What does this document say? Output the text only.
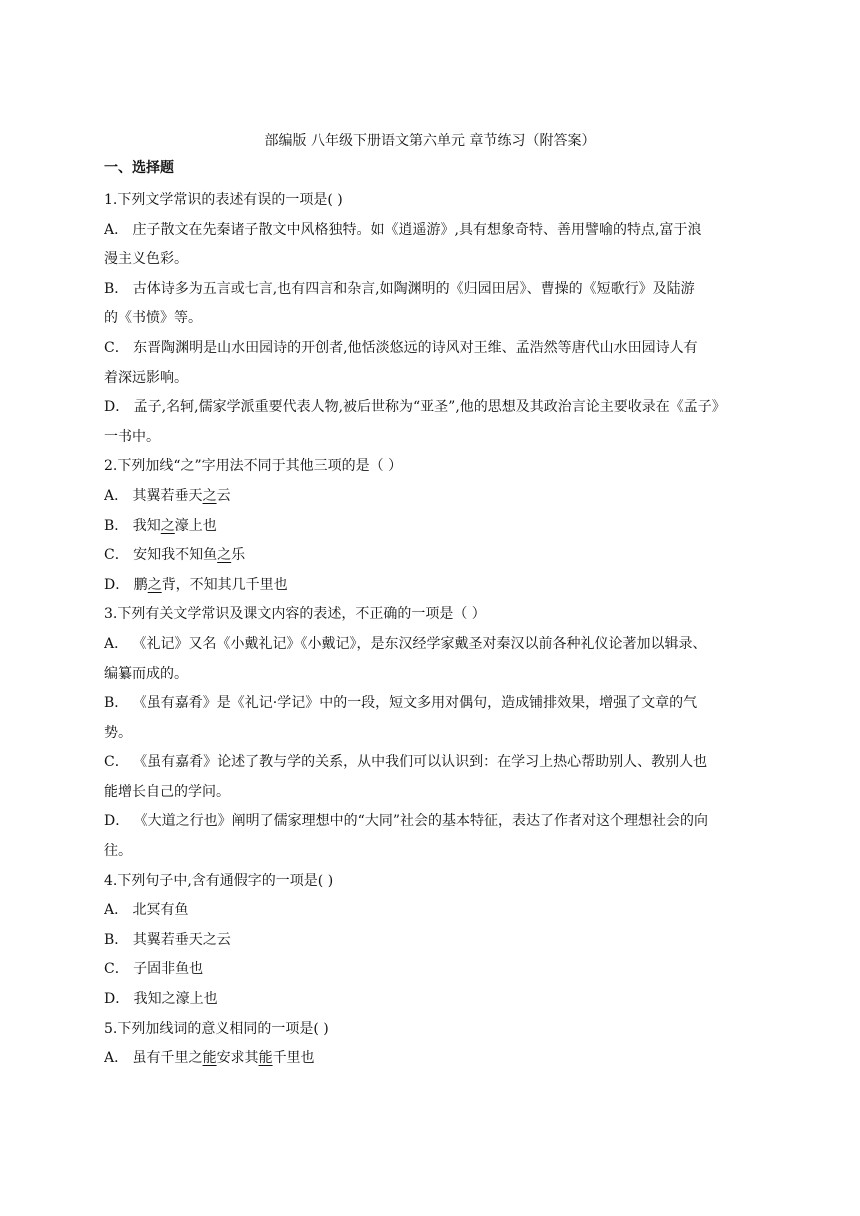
部编版 八年级下册语文第六单元 章节练习（附答案）
一、选择题
1.下列文学常识的表述有误的一项是( )
A． 庄子散文在先秦诸子散文中风格独特。如《逍遥游》,具有想象奇特、善用譬喻的特点,富于浪
漫主义色彩。
B． 古体诗多为五言或七言,也有四言和杂言,如陶渊明的《归园田居》、曹操的《短歌行》及陆游
的《书愤》等。
C． 东晋陶渊明是山水田园诗的开创者,他恬淡悠远的诗风对王维、孟浩然等唐代山水田园诗人有
着深远影响。
D． 孟子,名轲,儒家学派重要代表人物,被后世称为“亚圣”,他的思想及其政治言论主要收录在《孟子》
一书中。
2.下列加线“之”字用法不同于其他三项的是（ ）
A． 其翼若垂天之云
B． 我知之濠上也
C． 安知我不知鱼之乐
D． 鹏之背，不知其几千里也
3.下列有关文学常识及课文内容的表述，不正确的一项是（ ）
A． 《礼记》又名《小戴礼记》《小戴记》，是东汉经学家戴圣对秦汉以前各种礼仪论著加以辑录、
编纂而成的。
B． 《虽有嘉肴》是《礼记·学记》中的一段，短文多用对偶句，造成铺排效果，增强了文章的气
势。
C． 《虽有嘉肴》论述了教与学的关系，从中我们可以认识到：在学习上热心帮助别人、教别人也
能增长自己的学问。
D． 《大道之行也》阐明了儒家理想中的“大同”社会的基本特征，表达了作者对这个理想社会的向
往。
4.下列句子中,含有通假字的一项是( )
A． 北冥有鱼
B． 其翼若垂天之云
C． 子固非鱼也
D． 我知之濠上也
5.下列加线词的意义相同的一项是( )
A． 虽有千里之能安求其能千里也
